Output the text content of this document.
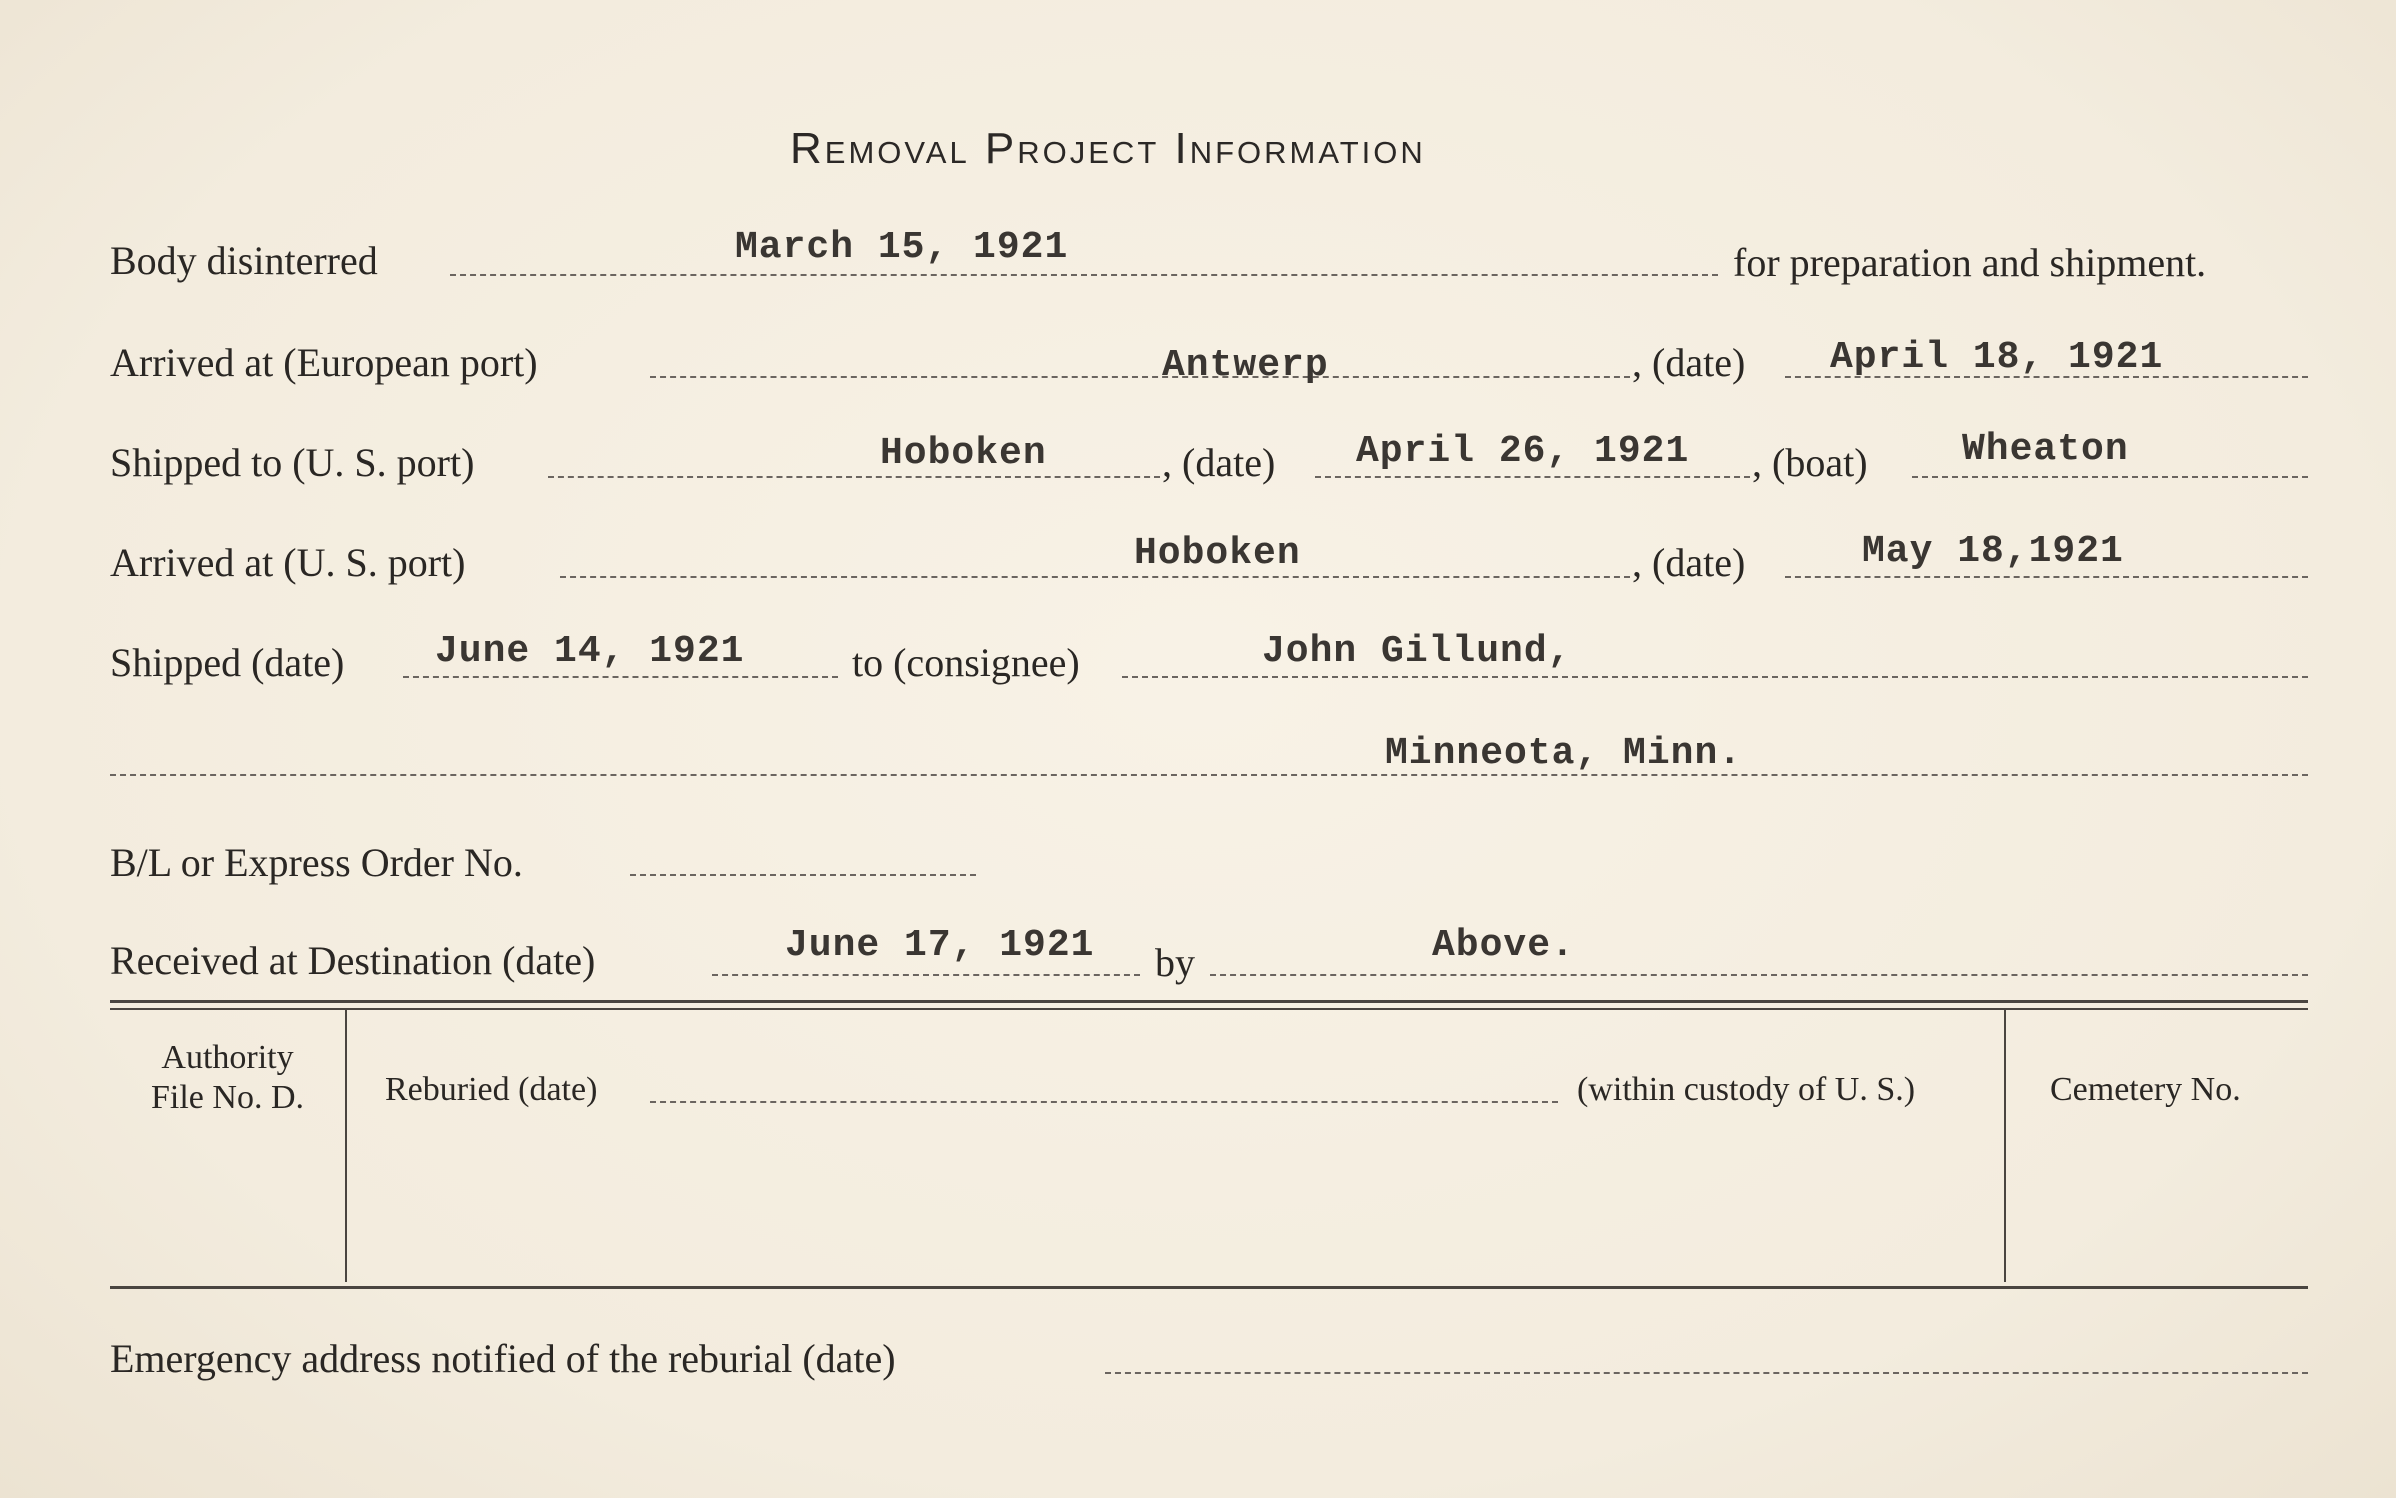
Removal Project Information
Body disinterred	March 15, 1921	for preparation and shipment.
Arrived at (European port)	Antwerp	, (date) April 18, 1921
Shipped to (U. S. port)	Hoboken	, (date) April 26, 1921 , (boat) Wheaton
Arrived at (U. S. port)	Hoboken	, (date)	May 18,1921
Shipped (date) June 14, 1921	to (consignee)	John Gillund,
Minneota, Minn.
B/L or Express Order No.
Received at Destination (date)	June 17, 1921 by	Above.
Authority
File No. D.	Reburied (date)	(within custody of U. S.)	Cemetery No.
Emergency address notified of the reburial (date)
